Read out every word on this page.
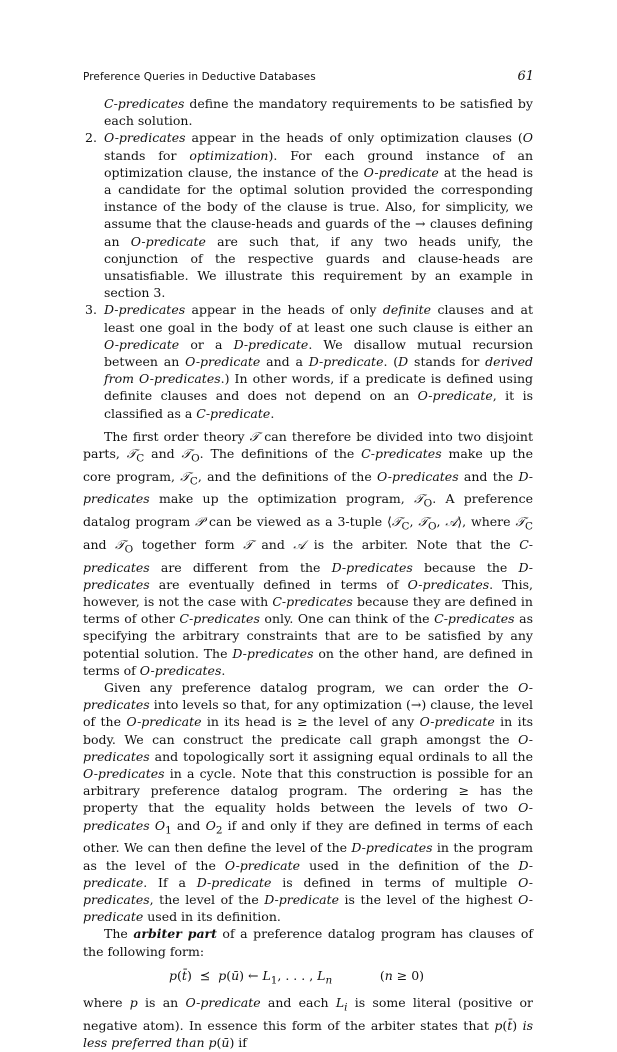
Preference Queries in Deductive Databases	61

C-predicates define the mandatory requirements to be satisfied by each solution.

2. O-predicates appear in the heads of only optimization clauses (O stands for optimization). For each ground instance of an optimization clause, the instance of the O-predicate at the head is a candidate for the optimal solution provided the corresponding instance of the body of the clause is true. Also, for simplicity, we assume that the clause-heads and guards of the → clauses defining an O-predicate are such that, if any two heads unify, the conjunction of the respective guards and clause-heads are unsatisfiable. We illustrate this requirement by an example in section 3.

3. D-predicates appear in the heads of only definite clauses and at least one goal in the body of at least one such clause is either an O-predicate or a D-predicate. We disallow mutual recursion between an O-predicate and a D-predicate. (D stands for derived from O-predicates.) In other words, if a predicate is defined using definite clauses and does not depend on an O-predicate, it is classified as a C-predicate.

The first order theory 𝒯 can therefore be divided into two disjoint parts, 𝒯$_C$ and 𝒯$_O$. The definitions of the C-predicates make up the core program, 𝒯$_C$, and the definitions of the O-predicates and the D-predicates make up the optimization program, 𝒯$_O$. A preference datalog program 𝒫 can be viewed as a 3-tuple ⟨𝒯$_C$, 𝒯$_O$, 𝒜⟩, where 𝒯$_C$ and 𝒯$_O$ together form 𝒯 and 𝒜 is the arbiter. Note that the C-predicates are different from the D-predicates because the D-predicates are eventually defined in terms of O-predicates. This, however, is not the case with C-predicates because they are defined in terms of other C-predicates only. One can think of the C-predicates as specifying the arbitrary constraints that are to be satisfied by any potential solution. The D-predicates on the other hand, are defined in terms of O-predicates.

Given any preference datalog program, we can order the O-predicates into levels so that, for any optimization (→) clause, the level of the O-predicate in its head is ≥ the level of any O-predicate in its body. We can construct the predicate call graph amongst the O-predicates and topologically sort it assigning equal ordinals to all the O-predicates in a cycle. Note that this construction is possible for an arbitrary preference datalog program. The ordering ≥ has the property that the equality holds between the levels of two O-predicates $O_1$ and $O_2$ if and only if they are defined in terms of each other. We can then define the level of the D-predicates in the program as the level of the O-predicate used in the definition of the D-predicate. If a D-predicate is defined in terms of multiple O-predicates, the level of the D-predicate is the level of the highest O-predicate used in its definition.

The arbiter part of a preference datalog program has clauses of the following form:

p(t̄)  ⪯  p(ū) ← $L_1$, . . . , $L_n$            (n ≥ 0)

where p is an O-predicate and each $L_i$ is some literal (positive or negative atom). In essence this form of the arbiter states that p(t̄) is less preferred than p(ū) if
